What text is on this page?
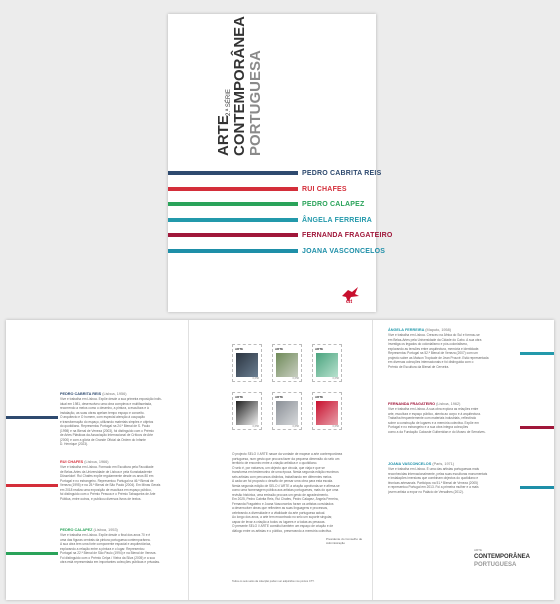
ARTE
2.ª SÉRIE CONTEMPORÂNEA PORTUGUESA
PEDRO CABRITA REIS
RUI CHAFES
PEDRO CALAPEZ
ÂNGELA FERREIRA
FERNANDA FRAGATEIRO
JOANA VASCONCELOS
ctt
PEDRO CABRITA REIS (Lisboa, 1956)
Vive e trabalha em Lisboa. Expõe desde a sua primeira exposição indiv-
idual em 1981, desenvolveu uma obra complexa e multifacetada,
recorrendo a meios como o desenho, a pintura, a escultura e à
instalação, as suas obras apelam tempo espaço e conceito.
O arquitecto e O homem, com especial atenção à ocupação
e transformação do espaço, utilizando materiais simples e objetos
do quotidiano. Representou Portugal na 24.ª Bienal de S. Paulo
(1998) e na Bienal de Veneza (2003), foi distinguido com o Prémio
de Artes Plásticas da Associação Internacional de Críticos de Arte
(2000) e com a glória de Grande Oficial da Ordem do Infante
D. Henrique (2023).
RUI CHAFES (Lisboa, 1966)
Vive e trabalha em Lisboa. Formado em Escultura pela Faculdade
de Belas-Artes da Universidade de Lisboa e pela Kunstakademie
Düsseldorf. Rui Chafes expõe regularmente desde os anos 80 em
Portugal e no estrangeiro. Representou Portugal na 46.ª Bienal de
Veneza (1995) e na 25.ª Bienal de São Paulo (2004). Em Minas Gerais
em 2018 realiza uma exposição de escultura em espaço público,
foi distinguido com o Prémio Pessoa e o Prémio Tabaqueira de Arte
Pública, entre outros, e publicou diversos livros de textos.
PEDRO CALAPEZ (Lisboa, 1953)
Vive e trabalha em Lisboa. Expõe desde o final dos anos 70 e é
uma das figuras centrais da pintura portuguesa contemporânea.
A sua obra tem uma forte componente espacial e arquitectónica,
explorando a relação entre a pintura e o lugar. Representou
Portugal na 22.ª Bienal de São Paulo (1994) e na Bienal de Veneza.
Foi distinguido com o Prémio Celpa / Vieira da Silva (2005) e a sua
obra está representada em importantes colecções públicas e privadas.
ÂNGELA FERREIRA (Maputo, 1958)
Vive e trabalha em Lisboa. Cresceu na África do Sul e formou-se
em Belas-Artes pela Universidade da Cidade do Cabo. A sua obra
investiga os legados do colonialismo e pós-colonialismo,
explorando as tensões entre arquitectura, memória e identidade.
Representou Portugal na 52.ª Bienal de Veneza (2007) com um
projecto sobre as Maison Tropicale de Jean Prouvé. Está representada
em diversas colecções internacionais e foi distinguida com o
Prémio de Escultura da Bienal de Cerveira.
FERNANDA FRAGATEIRO (Lisboa, 1962)
Vive e trabalha em Lisboa. A sua obra explora as relações entre
arte, escultura e espaço público, atenta ao corpo e à arquitectura.
Trabalha frequentemente com materiais industriais, reflectindo
sobre a construção de lugares e a memória colectiva. Expõe em
Portugal e no estrangeiro e a sua obra integra colecções
como a da Fundação Calouste Gulbenkian e do Museu de Serralves.
JOANA VASCONCELOS (Paris, 1971)
Vive e trabalha em Lisboa. É uma das artistas portuguesas mais
reconhecidas internacionalmente, pelas suas esculturas monumentais
e instalações imersivas que combinam objectos do quotidiano e
técnicas artesanais. Participou na 51.ª Bienal de Veneza (2005)
e representou Portugal em 2013. Foi a primeira mulher e a mais
jovem artista a expor no Palácio de Versalhes (2012).
ARTE
0,65€
ARTE
0,65€
ARTE
0,65€
ARTE
0,65€
ARTE
0,65€
ARTE
0,65€
O projecto SELO // ARTE nasce da vontade de mapear a arte contemporânea
portuguesa, num gesto que procura fazer da pequena dimensão do selo um
território de encontro entre a criação artística e o quotidiano.
O selo é, por natureza, um objecto que circula, que viaja e que se
transforma em testemunho de uma época. Nesta segunda edição reunimos
seis artistas com percursos distintos, trabalhando em diferentes meios.
A cada um foi proposto o desafio de pensar uma obra para esta escala.
Nesta segunda edição de SELO // ARTE a criação aprofunda-se e afirma-se
como uma homenagem pública aos artistas portugueses, mais do que uma
revisão histórica, uma emissão procura um gesto de agradecimento.
Em 2025, Pedro Cabrita Reis, Rui Chafes, Pedro Calapez, Ângela Ferreira,
Fernanda Fragateiro e Joana Vasconcelos foram os artistas convidados
a desenvolver obras que reflectem as suas linguagens e processos,
celebrando a diversidade e a vitalidade da arte portuguesa actual.
Ao longo dos anos, a arte tem encontrado no selo um suporte singular,
capaz de levar a criação a todos os lugares e a todas as pessoas.
O presente SELO // ARTE constitui também um espaço de criação e de
diálogo entre os artistas e o público, preservando a memória colectiva.
Presidente do Conselho de Administração
Todos os seis selos da colecção podem ser adquiridos nos pontos CTT.
ARTE
CONTEMPORÂNEA
PORTUGUESA
